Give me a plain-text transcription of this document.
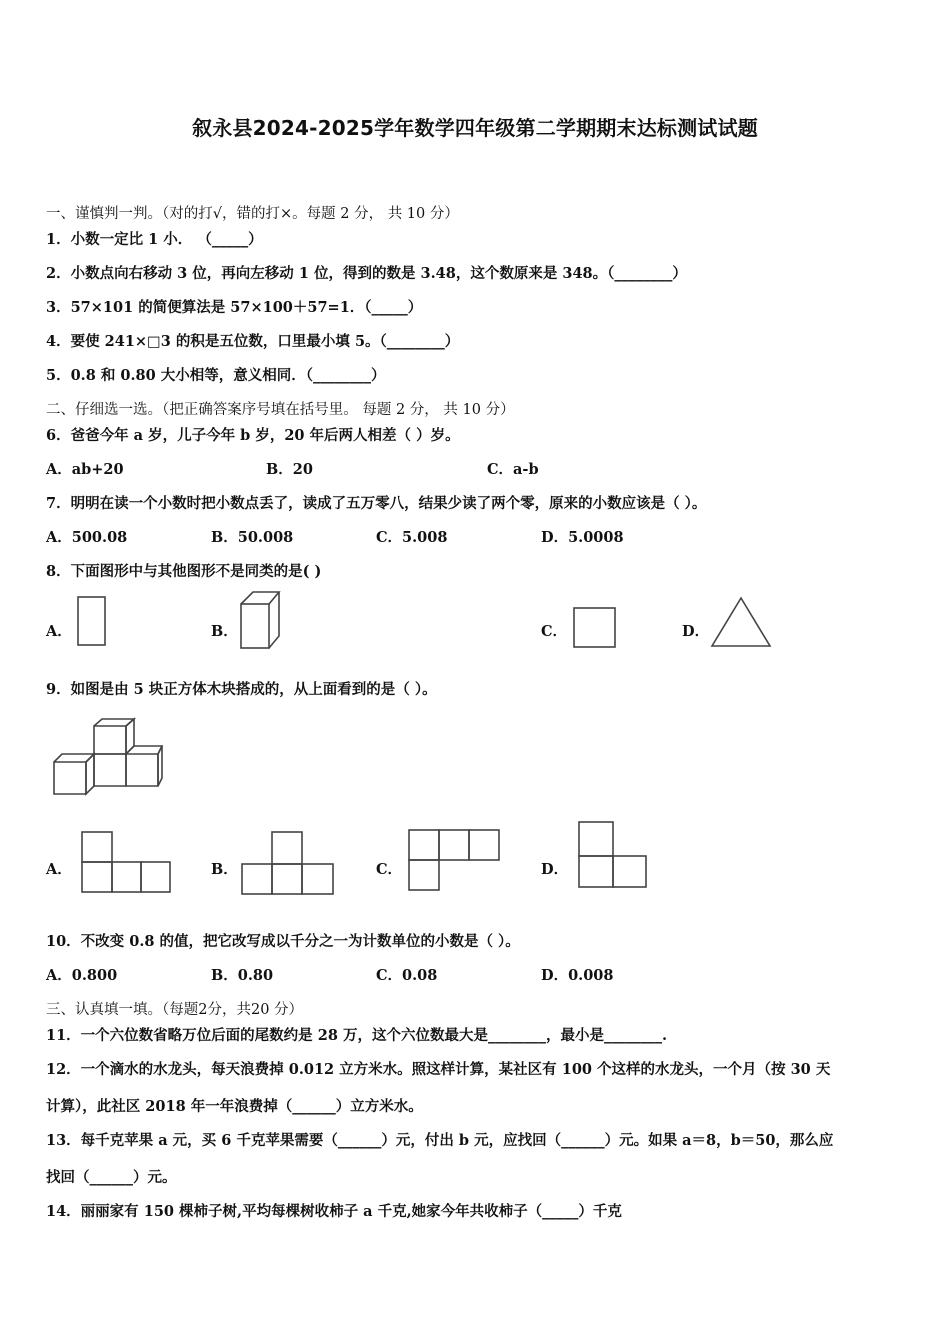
叙永县2024-2025学年数学四年级第二学期期末达标测试试题
一、谨慎判一判。（对的打√，错的打×。每题 2 分， 共 10 分）
1．小数一定比 1 小． （_____）
2．小数点向右移动 3 位，再向左移动 1 位，得到的数是 3.48，这个数原来是 348。（________）
3．57×101 的简便算法是 57×100＋57=1．（_____）
4．要使 241×□3 的积是五位数，口里最小填 5。（________）
5．0.8 和 0.80 大小相等，意义相同．（________）
二、仔细选一选。（把正确答案序号填在括号里。 每题 2 分， 共 10 分）
6．爸爸今年 a 岁，儿子今年 b 岁，20 年后两人相差（ ）岁。
A．ab+20	B．20	C．a-b
7．明明在读一个小数时把小数点丢了，读成了五万零八，结果少读了两个零，原来的小数应该是（ ）。
A．500.08	B．50.008	C．5.008	D．5.0008
8．下面图形中与其他图形不是同类的是( )
A．	B．	C．	D．
9．如图是由 5 块正方体木块搭成的，从上面看到的是（ ）。
A．	B．	C．	D．
10．不改变 0.8 的值，把它改写成以千分之一为计数单位的小数是（ ）。
A．0.800	B．0.80	C．0.08	D．0.008
三、认真填一填。（每题2分，共20 分）
11．一个六位数省略万位后面的尾数约是 28 万，这个六位数最大是________，最小是________.
12．一个滴水的水龙头，每天浪费掉 0.012 立方米水。照这样计算，某社区有 100 个这样的水龙头，一个月（按 30 天
计算），此社区 2018 年一年浪费掉（______）立方米水。
13．每千克苹果 a 元，买 6 千克苹果需要（______）元，付出 b 元，应找回（______）元。如果 a＝8，b＝50，那么应
找回（______）元。
14．丽丽家有 150 棵柿子树,平均每棵树收柿子 a 千克,她家今年共收柿子（_____）千克
